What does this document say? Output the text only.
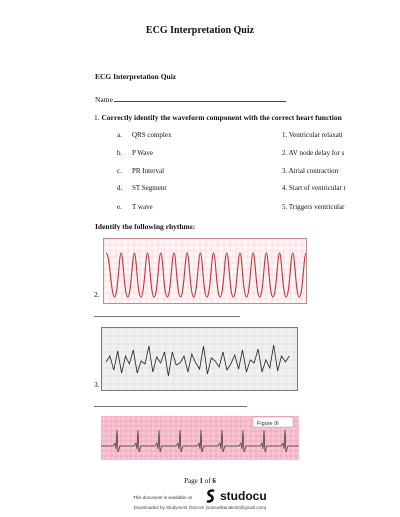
ECG Interpretation Quiz
ECG Interpretation Quiz
Name
1. Correctly identify the waveform component with the correct heart function
a. QRS complex	1. Ventricular relaxati
b. P Wave	2. AV node delay for s
c. PR Interval	3. Atrial contraction
d. ST Segment	4. Start of ventricular r
e. T wave	5. Triggers ventricular
Identify the following rhythms:
2.
3.
Figure III
Page 1 of 6
This document is available on studocu
Downloaded by Studyment Dotcom (samuelkanale40@gmail.com)
